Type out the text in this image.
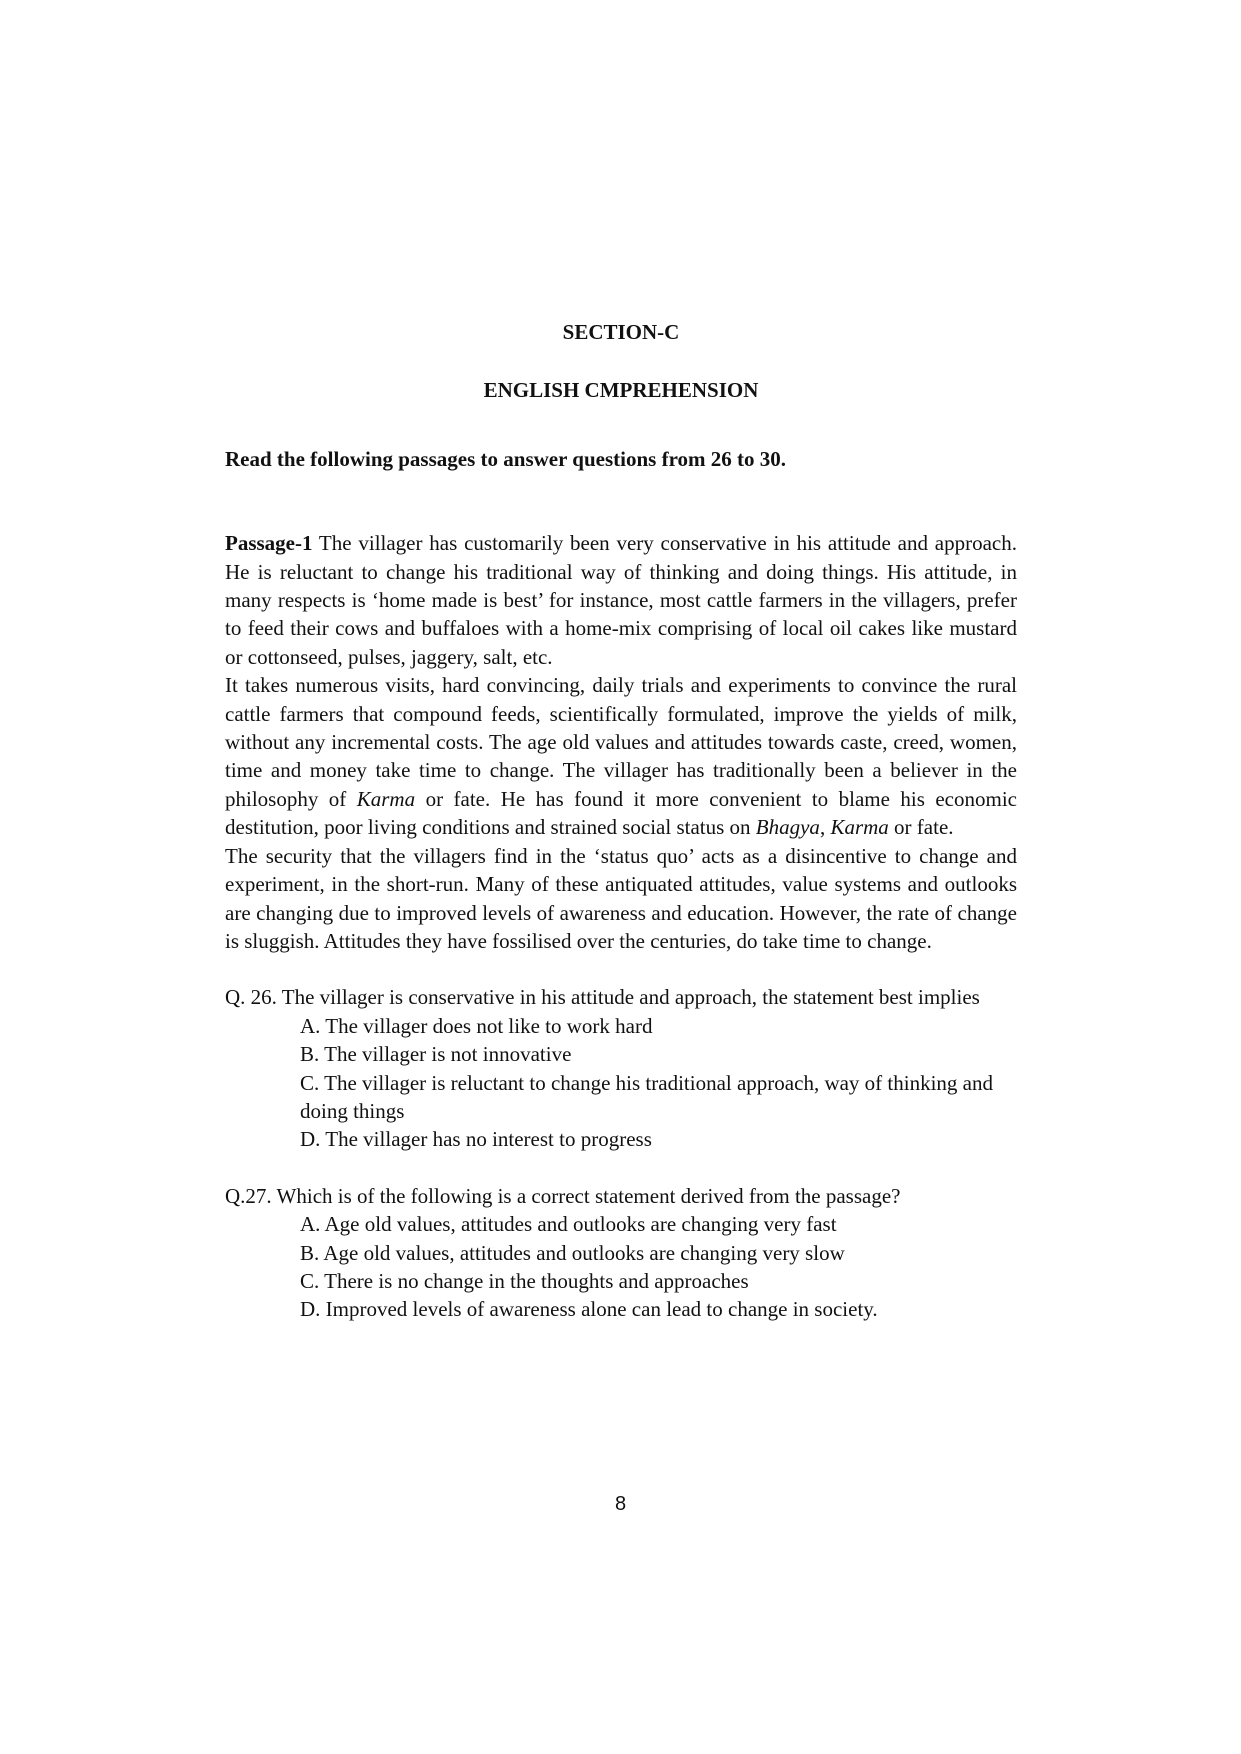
SECTION-C

ENGLISH CMPREHENSION

Read the following passages to answer questions from 26 to 30.

Passage-1 The villager has customarily been very conservative in his attitude and approach. He is reluctant to change his traditional way of thinking and doing things. His attitude, in many respects is ‘home made is best’ for instance, most cattle farmers in the villagers, prefer to feed their cows and buffaloes with a home-mix comprising of local oil cakes like mustard or cottonseed, pulses, jaggery, salt, etc.

It takes numerous visits, hard convincing, daily trials and experiments to convince the rural cattle farmers that compound feeds, scientifically formulated, improve the yields of milk, without any incremental costs. The age old values and attitudes towards caste, creed, women, time and money take time to change. The villager has traditionally been a believer in the philosophy of Karma or fate. He has found it more convenient to blame his economic destitution, poor living conditions and strained social status on Bhagya, Karma or fate.

The security that the villagers find in the ‘status quo’ acts as a disincentive to change and experiment, in the short-run. Many of these antiquated attitudes, value systems and outlooks are changing due to improved levels of awareness and education. However, the rate of change is sluggish. Attitudes they have fossilised over the centuries, do take time to change.

Q. 26. The villager is conservative in his attitude and approach, the statement best implies

A. The villager does not like to work hard
B. The villager is not innovative
C. The villager is reluctant to change his traditional approach, way of thinking and doing things
D. The villager has no interest to progress

Q.27. Which is of the following is a correct statement derived from the passage?

A. Age old values, attitudes and outlooks are changing very fast
B. Age old values, attitudes and outlooks are changing very slow
C. There is no change in the thoughts and approaches
D. Improved levels of awareness alone can lead to change in society.
8
